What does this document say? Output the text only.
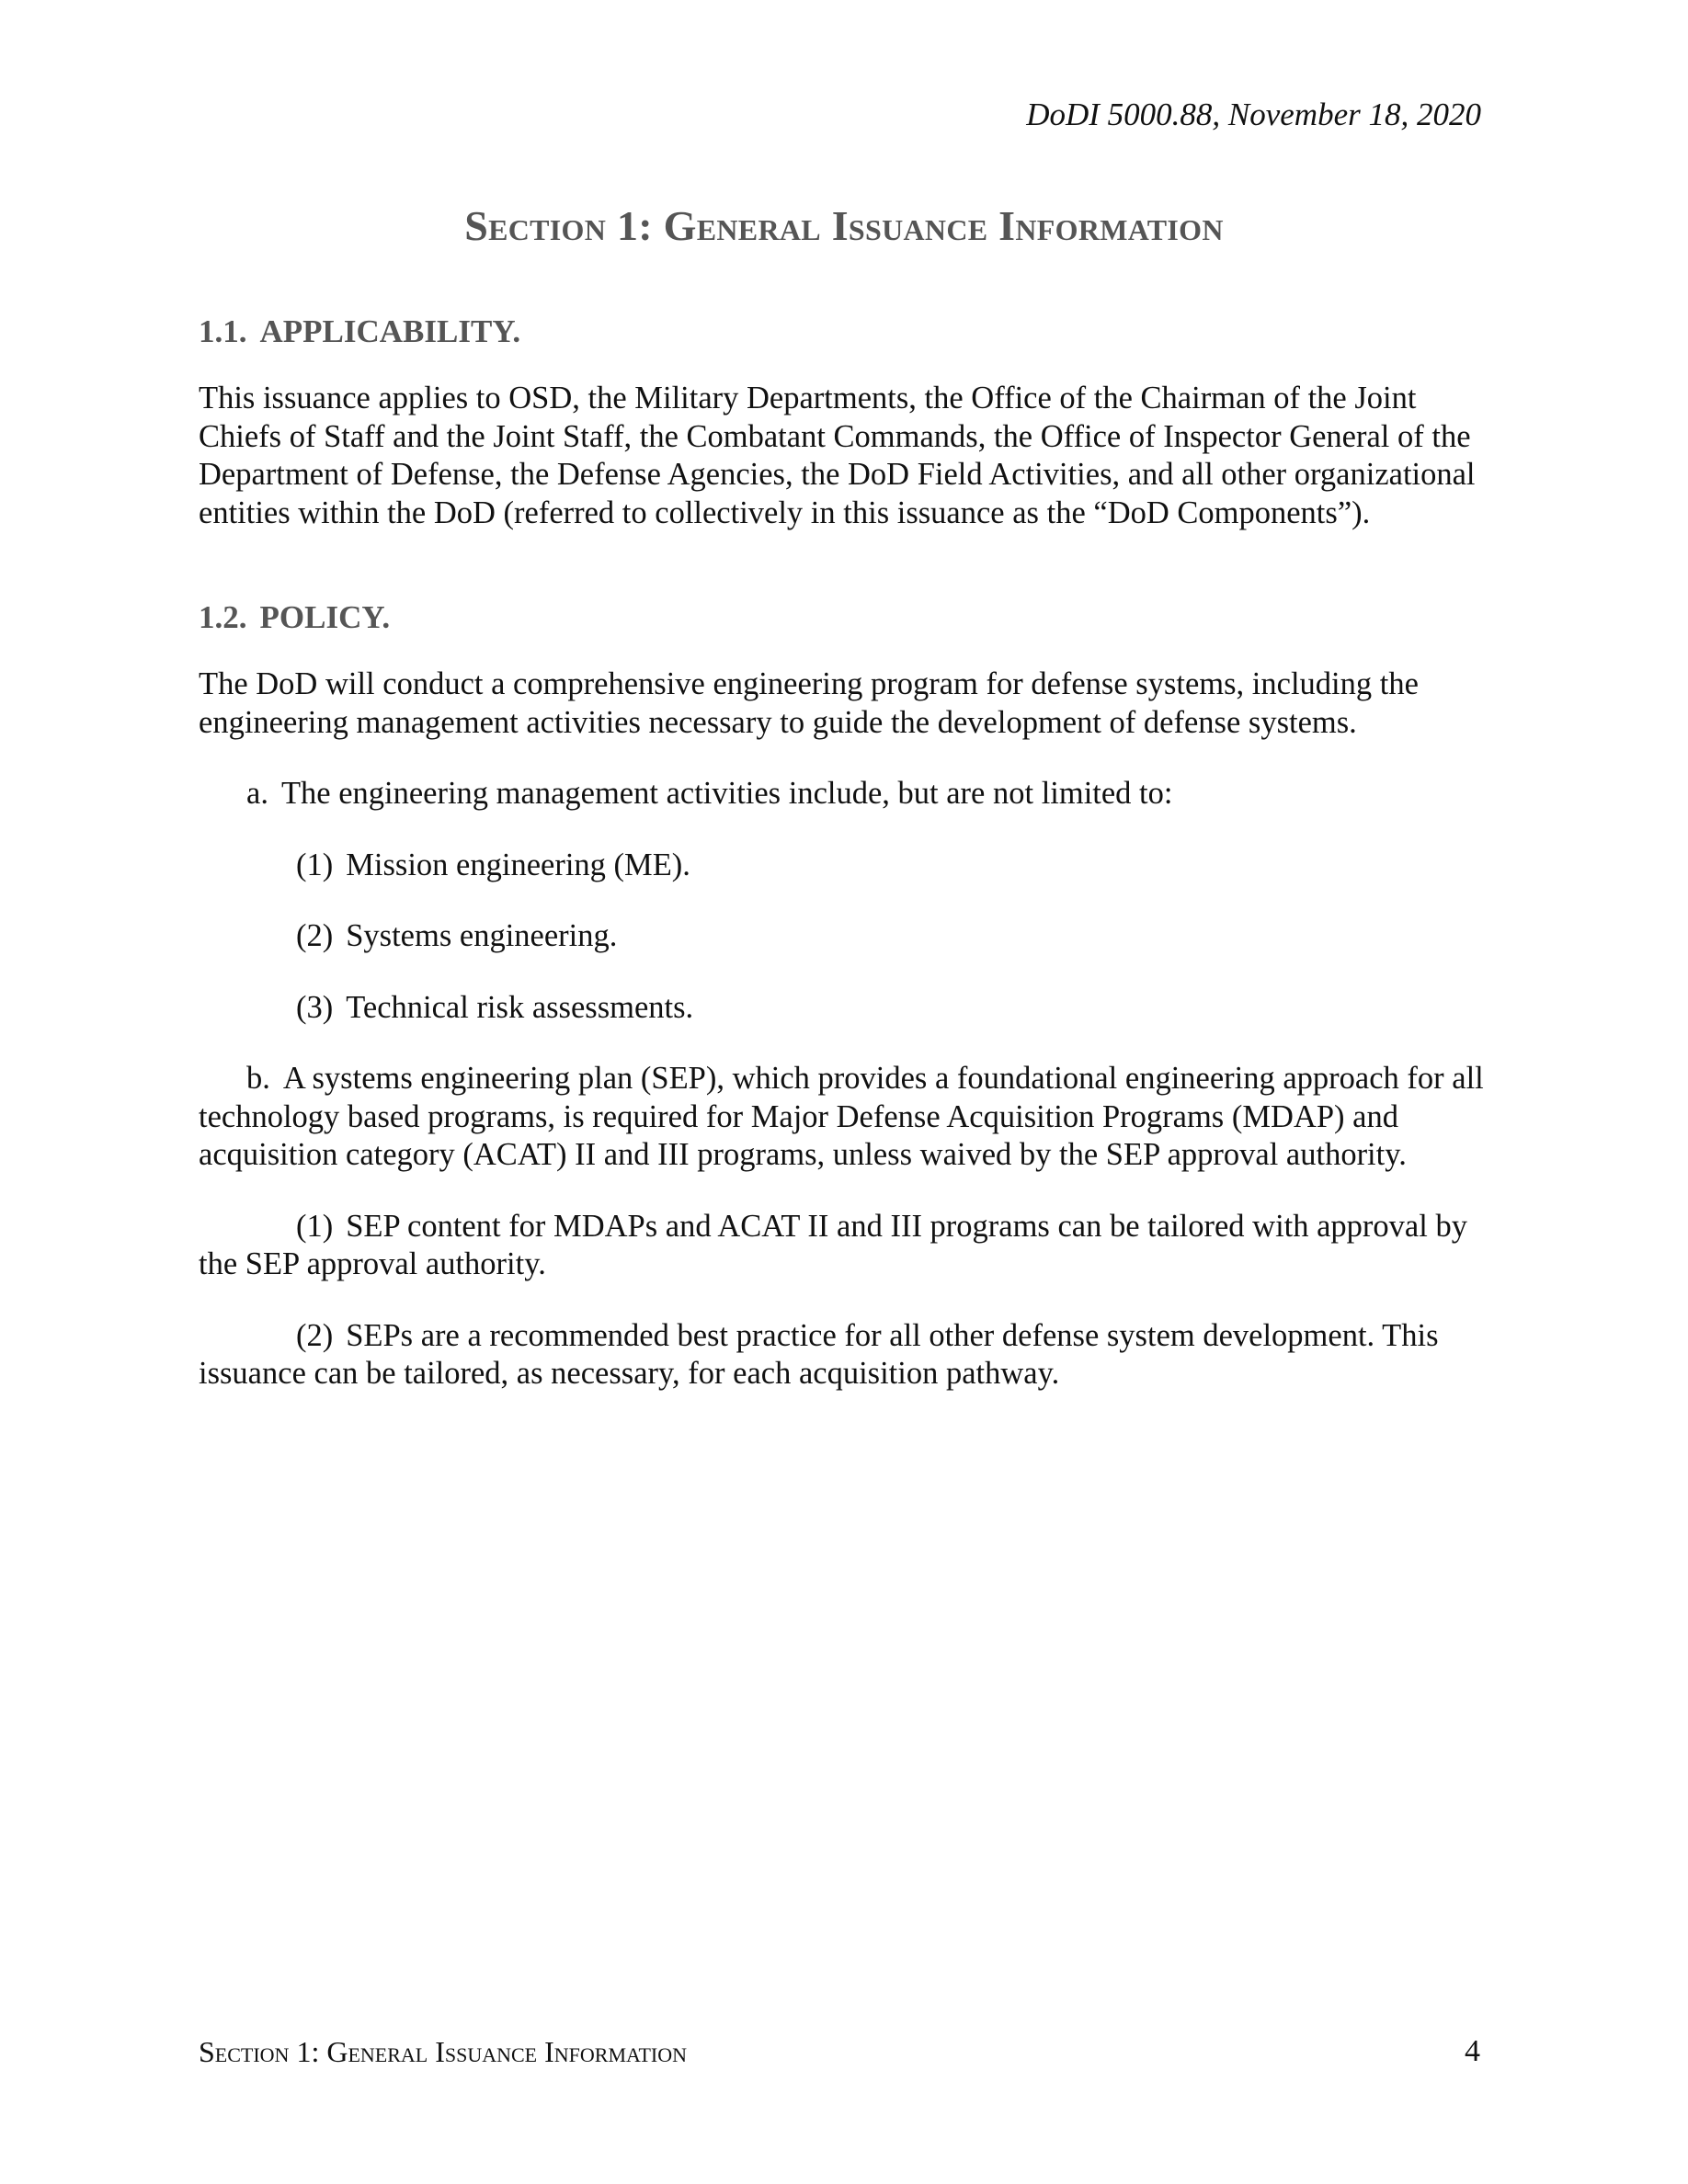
DoDI 5000.88, November 18, 2020
Section 1: General Issuance Information
1.1. APPLICABILITY.

This issuance applies to OSD, the Military Departments, the Office of the Chairman of the Joint Chiefs of Staff and the Joint Staff, the Combatant Commands, the Office of Inspector General of the Department of Defense, the Defense Agencies, the DoD Field Activities, and all other organizational entities within the DoD (referred to collectively in this issuance as the “DoD Components”).

1.2. POLICY.

The DoD will conduct a comprehensive engineering program for defense systems, including the engineering management activities necessary to guide the development of defense systems.

a. The engineering management activities include, but are not limited to:

(1) Mission engineering (ME).

(2) Systems engineering.

(3) Technical risk assessments.

b. A systems engineering plan (SEP), which provides a foundational engineering approach for all technology based programs, is required for Major Defense Acquisition Programs (MDAP) and acquisition category (ACAT) II and III programs, unless waived by the SEP approval authority.

(1) SEP content for MDAPs and ACAT II and III programs can be tailored with approval by the SEP approval authority.

(2) SEPs are a recommended best practice for all other defense system development. This issuance can be tailored, as necessary, for each acquisition pathway.

Section 1: General Issuance Information	4
